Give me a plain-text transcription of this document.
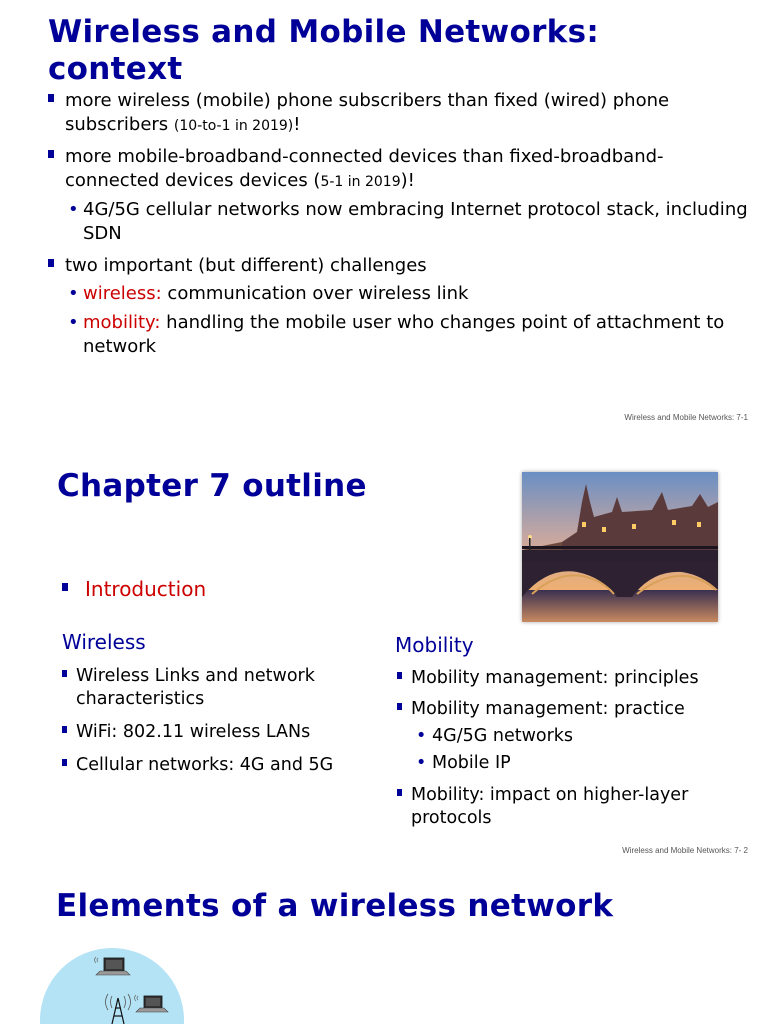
Wireless and Mobile Networks:
context
more wireless (mobile) phone subscribers than fixed (wired) phone subscribers (10-to-1 in 2019)!
more mobile-broadband-connected devices than fixed-broadband-connected devices devices (5-1 in 2019)!
• 4G/5G cellular networks now embracing Internet protocol stack, including SDN
two important (but different) challenges
• wireless: communication over wireless link
• mobility: handling the mobile user who changes point of attachment to network
Wireless and Mobile Networks: 7-1
Chapter 7 outline
Introduction
Wireless
Wireless Links and network characteristics
WiFi: 802.11 wireless LANs
Cellular networks: 4G and 5G
Mobility
Mobility management: principles
Mobility management: practice
• 4G/5G networks
• Mobile IP
Mobility: impact on higher-layer protocols
Wireless and Mobile Networks: 7- 2
Elements of a wireless network
